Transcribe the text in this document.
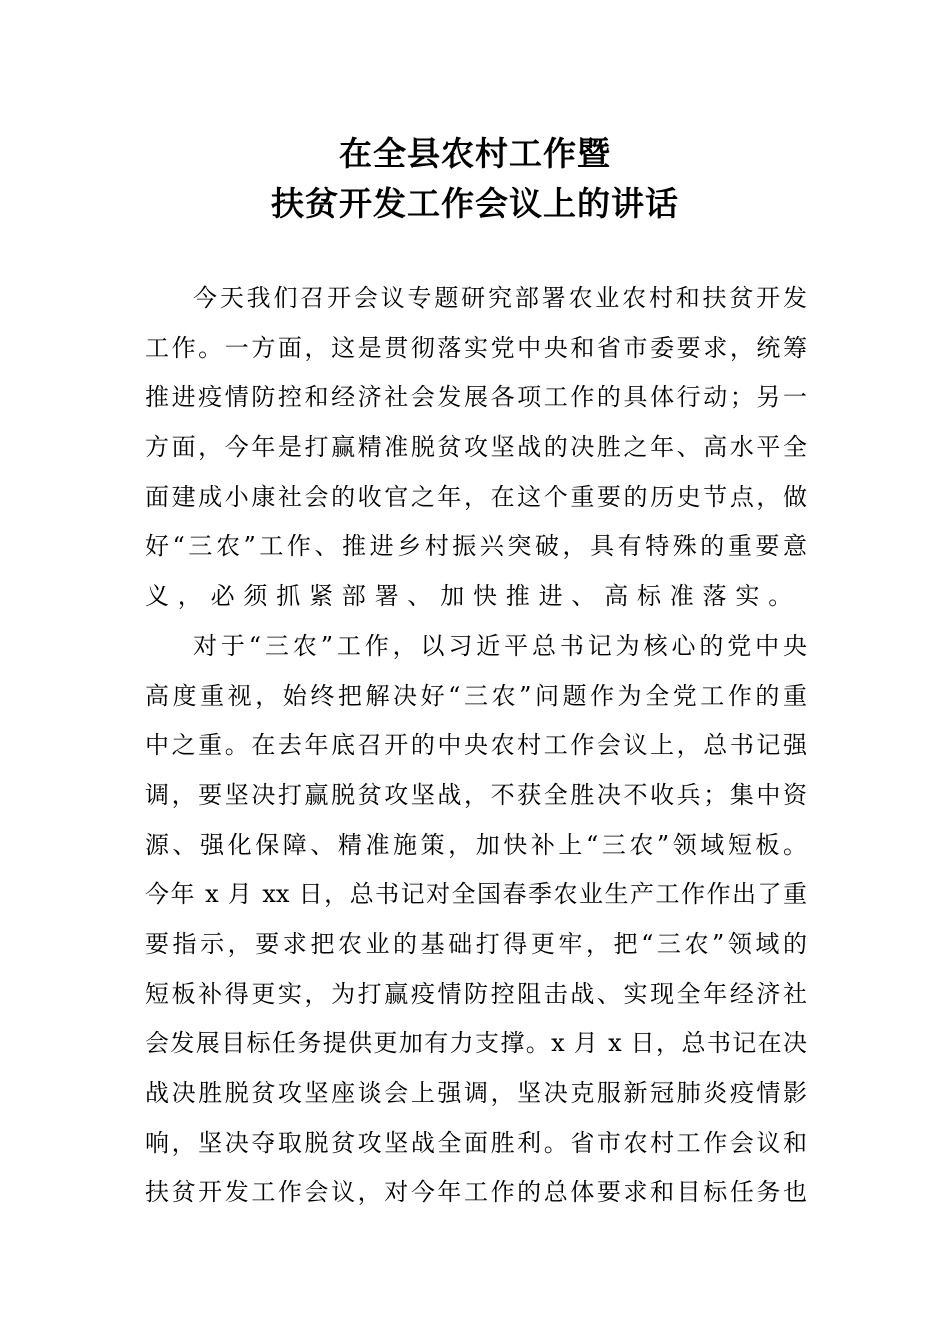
在全县农村工作暨
扶贫开发工作会议上的讲话
今天我们召开会议专题研究部署农业农村和扶贫开发
工作。一方面，这是贯彻落实党中央和省市委要求，统筹
推进疫情防控和经济社会发展各项工作的具体行动；另一
方面，今年是打赢精准脱贫攻坚战的决胜之年、高水平全
面建成小康社会的收官之年，在这个重要的历史节点，做
好“三农”工作、推进乡村振兴突破，具有特殊的重要意
义，必须抓紧部署、加快推进、高标准落实。
对于“三农”工作，以习近平总书记为核心的党中央
高度重视，始终把解决好“三农”问题作为全党工作的重
中之重。在去年底召开的中央农村工作会议上，总书记强
调，要坚决打赢脱贫攻坚战，不获全胜决不收兵；集中资
源、强化保障、精准施策，加快补上“三农”领域短板。
今年 x 月 xx 日，总书记对全国春季农业生产工作作出了重
要指示，要求把农业的基础打得更牢，把“三农”领域的
短板补得更实，为打赢疫情防控阻击战、实现全年经济社
会发展目标任务提供更加有力支撑。x 月 x 日，总书记在决
战决胜脱贫攻坚座谈会上强调，坚决克服新冠肺炎疫情影
响，坚决夺取脱贫攻坚战全面胜利。省市农村工作会议和
扶贫开发工作会议，对今年工作的总体要求和目标任务也
